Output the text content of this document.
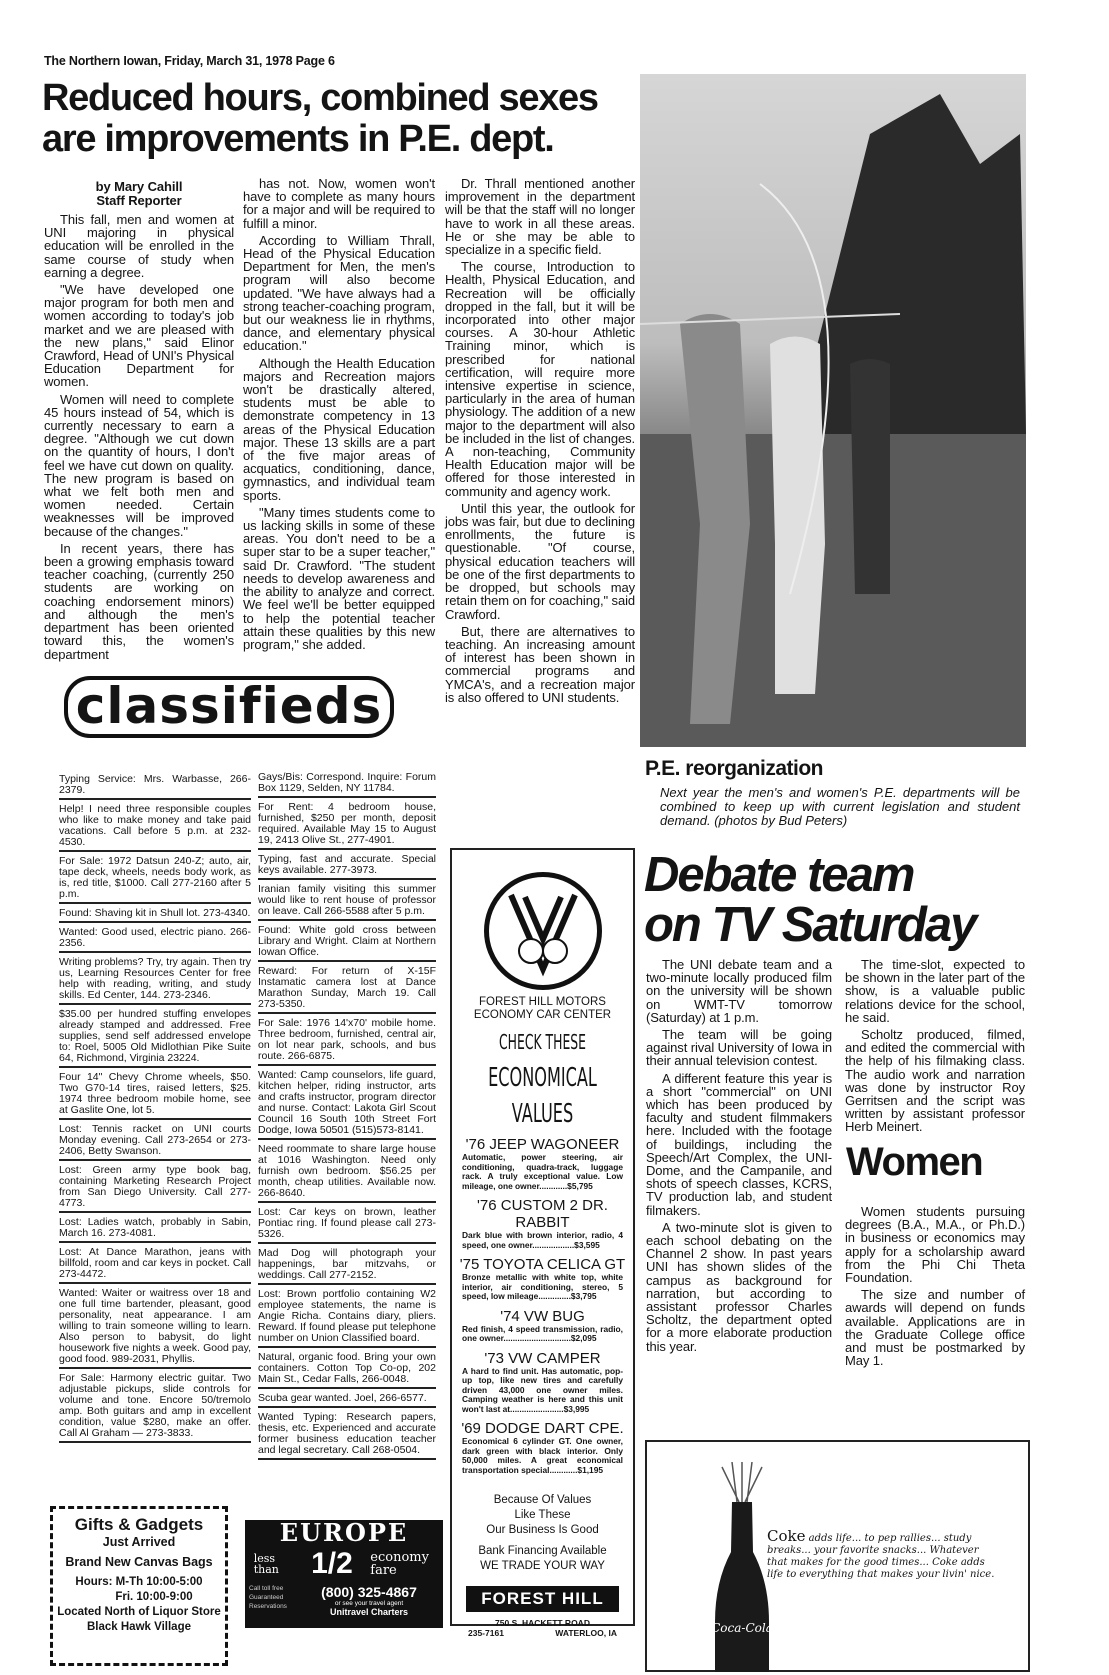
The Northern Iowan, Friday, March 31, 1978 Page 6
Reduced hours, combined sexes
are improvements in P.E. dept.
by Mary Cahill
Staff Reporter

This fall, men and women at UNI majoring in physical education will be enrolled in the same course of study when earning a degree.

"We have developed one major program for both men and women according to today's job market and we are pleased with the new plans," said Elinor Crawford, Head of UNI's Physical Education Department for women.

Women will need to complete 45 hours instead of 54, which is currently necessary to earn a degree. "Although we cut down on the quantity of hours, I don't feel we have cut down on quality. The new program is based on what we felt both men and women needed. Certain weaknesses will be improved because of the changes."

In recent years, there has been a growing emphasis toward teacher coaching, (currently 250 students are working on coaching endorsement minors) and although the men's department has been oriented toward this, the women's department

has not. Now, women won't have to complete as many hours for a major and will be required to fulfill a minor.

According to William Thrall, Head of the Physical Education Department for Men, the men's program will also become updated. "We have always had a strong teacher-coaching program, but our weakness lie in rhythms, dance, and elementary physical education."

Although the Health Education majors and Recreation majors won't be drastically altered, students must be able to demonstrate competency in 13 areas of the Physical Education major. These 13 skills are a part of the five major areas of acquatics, conditioning, dance, gymnastics, and individual team sports.

"Many times students come to us lacking skills in some of these areas. You don't need to be a super star to be a super teacher," said Dr. Crawford. "The student needs to develop awareness and the ability to analyze and correct. We feel we'll be better equipped to help the potential teacher attain these qualities by this new program," she added.

Dr. Thrall mentioned another improvement in the department will be that the staff will no longer have to work in all these areas. He or she may be able to specialize in a specific field.

The course, Introduction to Health, Physical Education, and Recreation will be officially dropped in the fall, but it will be incorporated into other major courses. A 30-hour Athletic Training minor, which is prescribed for national certification, will require more intensive expertise in science, particularly in the area of human physiology. The addition of a new major to the department will also be included in the list of changes. A non-teaching, Community Health Education major will be offered for those interested in community and agency work.

Until this year, the outlook for jobs was fair, but due to declining enrollments, the future is questionable. "Of course, physical education teachers will be one of the first departments to be dropped, but schools may retain them on for coaching," said Crawford.

But, there are alternatives to teaching. An increasing amount of interest has been shown in commercial programs and YMCA's, and a recreation major is also offered to UNI students.

P.E. reorganization
Next year the men's and women's P.E. departments will be combined to keep up with current legislation and student demand. (photos by Bud Peters)
Debate team
on TV Saturday

The UNI debate team and a two-minute locally produced film on the university will be shown on WMT-TV tomorrow (Saturday) at 1 p.m.

The team will be going against rival University of Iowa in their annual television contest.

A different feature this year is a short "commercial" on UNI which has been produced by faculty and student filmmakers here. Included with the footage of buildings, including the Speech/Art Complex, the UNI-Dome, and the Campanile, and shots of speech classes, KCRS, TV production lab, and student filmakers.

A two-minute slot is given to each school debating on the Channel 2 show. In past years UNI has shown slides of the campus as background for narration, but according to assistant professor Charles Scholtz, the department opted for a more elaborate production this year.

The time-slot, expected to be shown in the later part of the show, is a valuable public relations device for the school, he said.

Scholtz produced, filmed, and edited the commercial with the help of his filmaking class. The audio work and narration was done by instructor Roy Gerritsen and the script was written by assistant professor Herb Meinert.

Women

Women students pursuing degrees (B.A., M.A., or Ph.D.) in business or economics may apply for a scholarship award from the Phi Chi Theta Foundation.

The size and number of awards will depend on funds available. Applications are in the Graduate College office and must be postmarked by May 1.

classifieds
Typing Service: Mrs. Warbasse, 266-2379.
Help! I need three responsible couples who like to make money and take paid vacations. Call before 5 p.m. at 232-4530.
For Sale: 1972 Datsun 240-Z; auto, air, tape deck, wheels, needs body work, as is, red title, $1000. Call 277-2160 after 5 p.m.
Found: Shaving kit in Shull lot. 273-4340.
Wanted: Good used, electric piano. 266-2356.
Writing problems? Try, try again. Then try us, Learning Resources Center for free help with reading, writing, and study skills. Ed Center, 144. 273-2346.
$35.00 per hundred stuffing envelopes already stamped and addressed. Free supplies, send self addressed envelope to: Roel, 5005 Old Midlothian Pike Suite 64, Richmond, Virginia 23224.
Four 14" Chevy Chrome wheels, $50. Two G70-14 tires, raised letters, $25. 1974 three bedroom mobile home, see at Gaslite One, lot 5.
Lost: Tennis racket on UNI courts Monday evening. Call 273-2654 or 273-2406, Betty Swanson.
Lost: Green army type book bag, containing Marketing Research Project from San Diego University. Call 277-4773.
Lost: Ladies watch, probably in Sabin, March 16. 273-4081.
Lost: At Dance Marathon, jeans with billfold, room and car keys in pocket. Call 273-4472.
Wanted: Waiter or waitress over 18 and one full time bartender, pleasant, good personality, neat appearance. I am willing to train someone willing to learn. Also person to babysit, do light housework five nights a week. Good pay, good food. 989-2031, Phyllis.
For Sale: Harmony electric guitar. Two adjustable pickups, slide controls for volume and tone. Encore 50/tremolo amp. Both guitars and amp in excellent condition, value $280, make an offer. Call Al Graham — 273-3833.
Gays/Bis: Correspond. Inquire: Forum Box 1129, Selden, NY 11784.
For Rent: 4 bedroom house, furnished, $250 per month, deposit required. Available May 15 to August 19, 2413 Olive St., 277-4901.
Typing, fast and accurate. Special keys available. 277-3973.
Iranian family visiting this summer would like to rent house of professor on leave. Call 266-5588 after 5 p.m.
Found: White gold cross between Library and Wright. Claim at Northern Iowan Office.
Reward: For return of X-15F Instamatic camera lost at Dance Marathon Sunday, March 19. Call 273-5350.
For Sale: 1976 14'x70' mobile home. Three bedroom, furnished, central air, on lot near park, schools, and bus route. 266-6875.
Wanted: Camp counselors, life guard, kitchen helper, riding instructor, arts and crafts instructor, program director and nurse. Contact: Lakota Girl Scout Council 16 South 10th Street Fort Dodge, Iowa 50501 (515)573-8141.
Need roommate to share large house at 1016 Washington. Need only furnish own bedroom. $56.25 per month, cheap utilities. Available now. 266-8640.
Lost: Car keys on brown, leather Pontiac ring. If found please call 273-5326.
Mad Dog will photograph your happenings, bar mitzvahs, or weddings. Call 277-2152.
Lost: Brown portfolio containing W2 employee statements, the name is Angie Richa. Contains diary, pliers. Reward. If found please put telephone number on Union Classified board.
Natural, organic food. Bring your own containers. Cotton Top Co-op, 202 Main St., Cedar Falls, 266-0048.
Scuba gear wanted. Joel, 266-6577.
Wanted Typing: Research papers, thesis, etc. Experienced and accurate former business education teacher and legal secretary. Call 268-0504.
FOREST HILL MOTORS
ECONOMY CAR CENTER
CHECK THESE
ECONOMICAL
VALUES
'76 JEEP WAGONEER
Automatic, power steering, air conditioning, quadra-track, luggage rack. A truly exceptional value. Low mileage, one owner............$5,795
'76 CUSTOM 2 DR. RABBIT
Dark blue with brown interior, radio, 4 speed, one owner..................$3,595
'75 TOYOTA CELICA GT
Bronze metallic with white top, white interior, air conditioning, stereo, 5 speed, low mileage..............$3,795
'74 VW BUG
Red finish, 4 speed transmission, radio, one owner.............................$2,095
'73 VW CAMPER
A hard to find unit. Has automatic, pop-up top, like new tires and carefully driven 43,000 one owner miles. Camping weather is here and this unit won't last at.......................$3,995
'69 DODGE DART CPE.
Economical 6 cylinder GT. One owner, dark green with black interior. Only 50,000 miles. A great economical transportation special............$1,195
Because Of Values
Like These
Our Business Is Good
Bank Financing Available
WE TRADE YOUR WAY
FOREST HILL
750 S. HACKETT ROAD
235-7161	WATERLOO, IA
Gifts & Gadgets
Just Arrived
Brand New Canvas Bags
Hours: M-Th 10:00-5:00
Fri. 10:00-9:00
Located North of Liquor Store
Black Hawk Village
EUROPE
less than	1/2 economy fare
Call toll free
Guaranteed
Reservations
(800) 325-4867
or see your travel agent
Unitravel Charters
Coca-Cola
Coke adds life... to pep rallies... study breaks... your favorite snacks... Whatever that makes for the good times... Coke adds life to everything that makes your livin' nice.
